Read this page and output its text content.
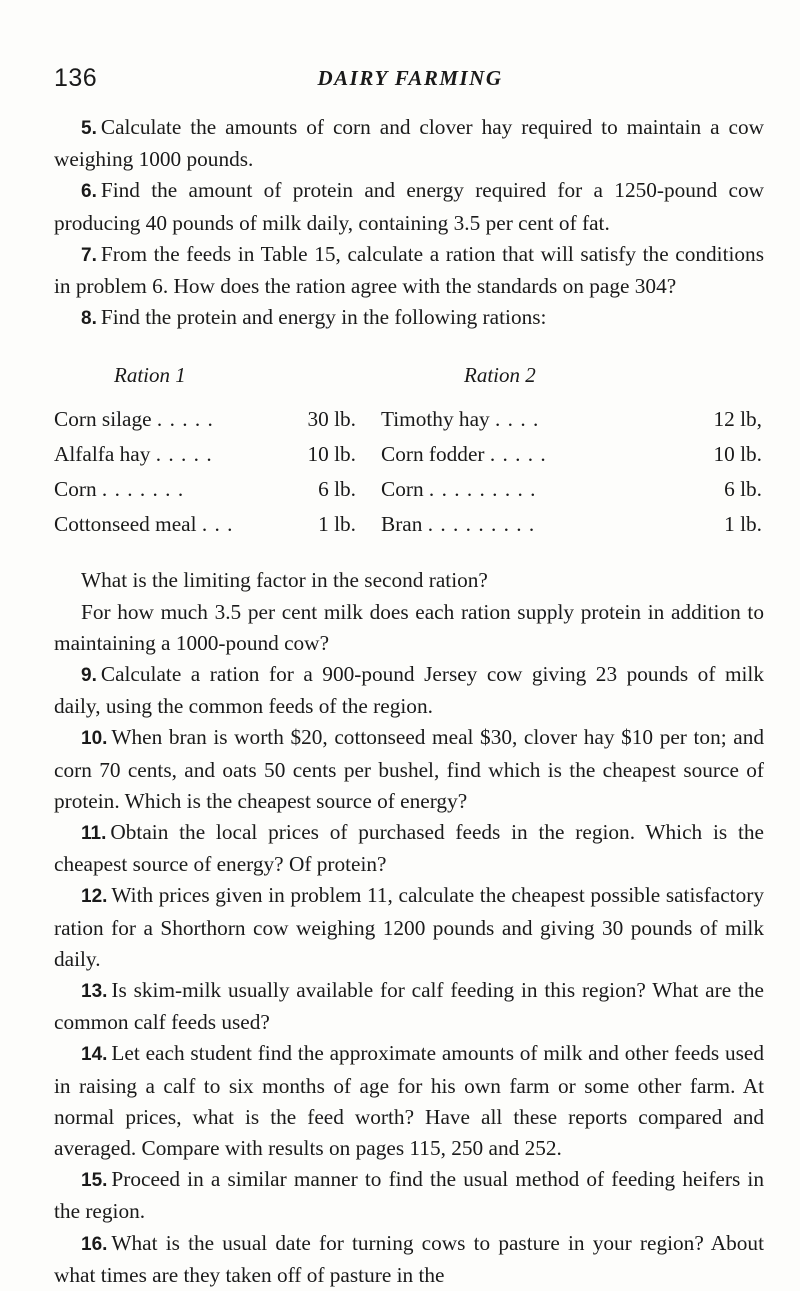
136	DAIRY FARMING

5. Calculate the amounts of corn and clover hay required to maintain a cow weighing 1000 pounds.

6. Find the amount of protein and energy required for a 1250-pound cow producing 40 pounds of milk daily, containing 3.5 per cent of fat.

7. From the feeds in Table 15, calculate a ration that will satisfy the conditions in problem 6. How does the ration agree with the standards on page 304?

8. Find the protein and energy in the following rations:

Ration 1	Ration 2
Corn silage . . . . .	30 lb. Timothy hay . . . .	12 lb,
Alfalfa hay . . . . .	10 lb. Corn fodder . . . . .	10 lb.
Corn . . . . . . .	6 lb. Corn . . . . . . . . .	6 lb.
Cottonseed meal . . .	1 lb. Bran . . . . . . . . .	1 lb.

What is the limiting factor in the second ration?

For how much 3.5 per cent milk does each ration supply protein in addition to maintaining a 1000-pound cow?

9. Calculate a ration for a 900-pound Jersey cow giving 23 pounds of milk daily, using the common feeds of the region.

10. When bran is worth $20, cottonseed meal $30, clover hay $10 per ton; and corn 70 cents, and oats 50 cents per bushel, find which is the cheapest source of protein. Which is the cheapest source of energy?

11. Obtain the local prices of purchased feeds in the region. Which is the cheapest source of energy? Of protein?

12. With prices given in problem 11, calculate the cheapest possible satisfactory ration for a Shorthorn cow weighing 1200 pounds and giving 30 pounds of milk daily.

13. Is skim-milk usually available for calf feeding in this region? What are the common calf feeds used?

14. Let each student find the approximate amounts of milk and other feeds used in raising a calf to six months of age for his own farm or some other farm. At normal prices, what is the feed worth? Have all these reports compared and averaged. Compare with results on pages 115, 250 and 252.

15. Proceed in a similar manner to find the usual method of feeding heifers in the region.

16. What is the usual date for turning cows to pasture in your region? About what times are they taken off of pasture in the
